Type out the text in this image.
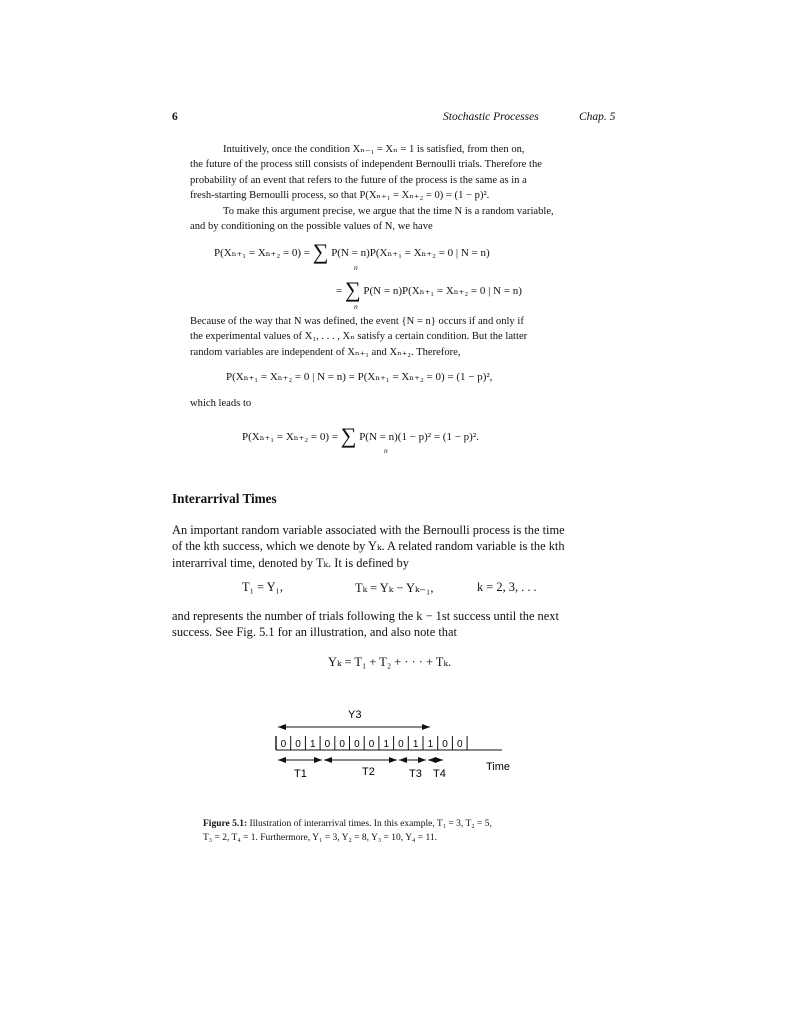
6	Stochastic Processes	Chap. 5

Intuitively, once the condition Xₙ₋₁ = Xₙ = 1 is satisfied, from then on,

the future of the process still consists of independent Bernoulli trials. Therefore the

probability of an event that refers to the future of the process is the same as in a

fresh-starting Bernoulli process, so that P(Xₙ₊₁ = Xₙ₊₂ = 0) = (1 − p)².

To make this argument precise, we argue that the time N is a random variable,

and by conditioning on the possible values of N, we have

P(Xₙ₊₁ = Xₙ₊₂ = 0) = ∑ P(N = n)P(Xₙ₊₁ = Xₙ₊₂ = 0 | N = n)
n
= ∑ P(N = n)P(Xₙ₊₁ = Xₙ₊₂ = 0 | N = n)
n

Because of the way that N was defined, the event {N = n} occurs if and only if

the experimental values of X₁, . . . , Xₙ satisfy a certain condition. But the latter

random variables are independent of Xₙ₊₁ and Xₙ₊₂. Therefore,

P(Xₙ₊₁ = Xₙ₊₂ = 0 | N = n) = P(Xₙ₊₁ = Xₙ₊₂ = 0) = (1 − p)²,
which leads to
P(Xₙ₊₁ = Xₙ₊₂ = 0) = ∑ P(N = n)(1 − p)² = (1 − p)².
n
Interarrival Times

An important random variable associated with the Bernoulli process is the time

of the kth success, which we denote by Yₖ. A related random variable is the kth

interarrival time, denoted by Tₖ. It is defined by

T₁ = Y₁,	Tₖ = Yₖ − Yₖ₋₁,	k = 2, 3, . . .

and represents the number of trials following the k − 1st success until the next

success. See Fig. 5.1 for an illustration, and also note that

Yₖ = T₁ + T₂ + · · · + Tₖ.
Y3
0 0 1 0 0 0 0 1 0 1 1 0 0
T1	T2	T3 T4
Time
Figure 5.1: Illustration of interarrival times. In this example, T₁ = 3, T₂ = 5,
T₃ = 2, T₄ = 1. Furthermore, Y₁ = 3, Y₂ = 8, Y₃ = 10, Y₄ = 11.
